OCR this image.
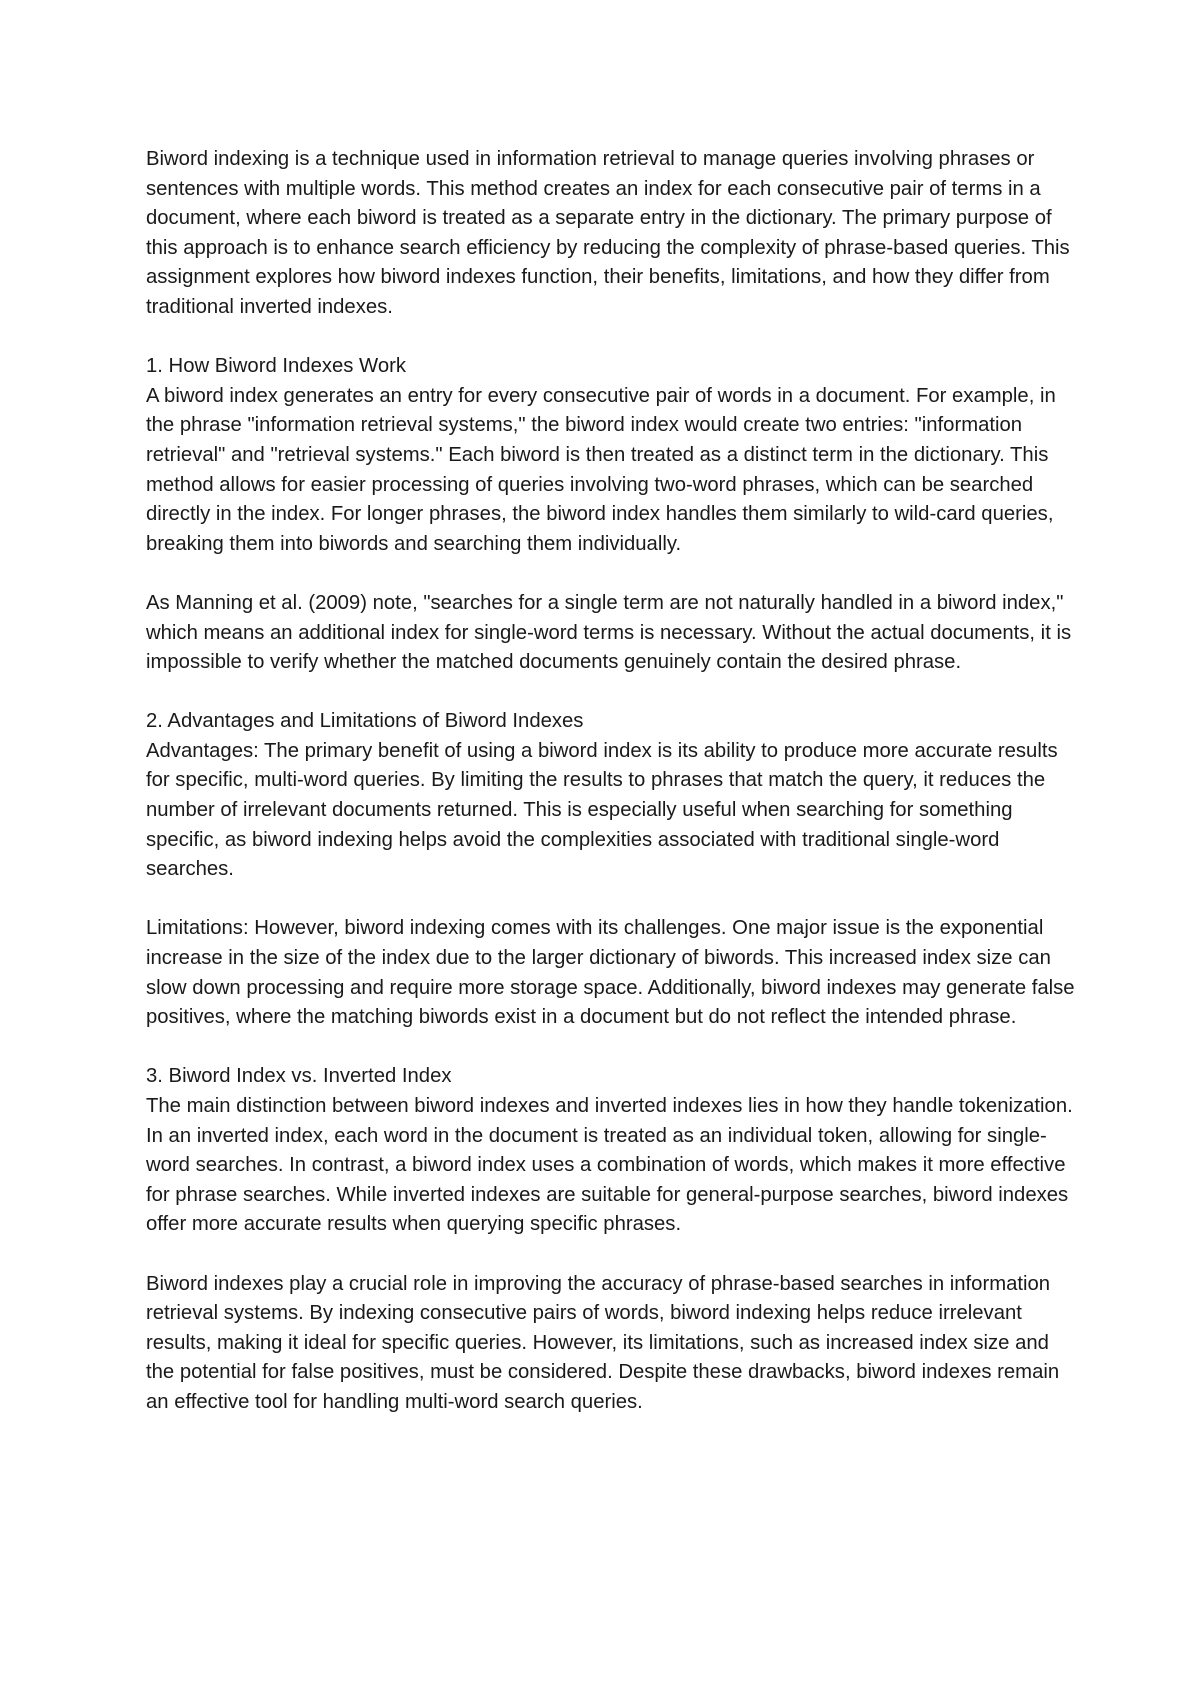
Biword indexing is a technique used in information retrieval to manage queries involving phrases or sentences with multiple words. This method creates an index for each consecutive pair of terms in a document, where each biword is treated as a separate entry in the dictionary. The primary purpose of this approach is to enhance search efficiency by reducing the complexity of phrase-based queries. This assignment explores how biword indexes function, their benefits, limitations, and how they differ from traditional inverted indexes.

1. How Biword Indexes Work

A biword index generates an entry for every consecutive pair of words in a document. For example, in the phrase "information retrieval systems," the biword index would create two entries: "information retrieval" and "retrieval systems." Each biword is then treated as a distinct term in the dictionary. This method allows for easier processing of queries involving two-word phrases, which can be searched directly in the index. For longer phrases, the biword index handles them similarly to wild-card queries, breaking them into biwords and searching them individually.

As Manning et al. (2009) note, "searches for a single term are not naturally handled in a biword index," which means an additional index for single-word terms is necessary. Without the actual documents, it is impossible to verify whether the matched documents genuinely contain the desired phrase.

2. Advantages and Limitations of Biword Indexes

Advantages: The primary benefit of using a biword index is its ability to produce more accurate results for specific, multi-word queries. By limiting the results to phrases that match the query, it reduces the number of irrelevant documents returned. This is especially useful when searching for something specific, as biword indexing helps avoid the complexities associated with traditional single-word searches.

Limitations: However, biword indexing comes with its challenges. One major issue is the exponential increase in the size of the index due to the larger dictionary of biwords. This increased index size can slow down processing and require more storage space. Additionally, biword indexes may generate false positives, where the matching biwords exist in a document but do not reflect the intended phrase.

3. Biword Index vs. Inverted Index

The main distinction between biword indexes and inverted indexes lies in how they handle tokenization. In an inverted index, each word in the document is treated as an individual token, allowing for single-word searches. In contrast, a biword index uses a combination of words, which makes it more effective for phrase searches. While inverted indexes are suitable for general-purpose searches, biword indexes offer more accurate results when querying specific phrases.

Biword indexes play a crucial role in improving the accuracy of phrase-based searches in information retrieval systems. By indexing consecutive pairs of words, biword indexing helps reduce irrelevant results, making it ideal for specific queries. However, its limitations, such as increased index size and the potential for false positives, must be considered. Despite these drawbacks, biword indexes remain an effective tool for handling multi-word search queries.
